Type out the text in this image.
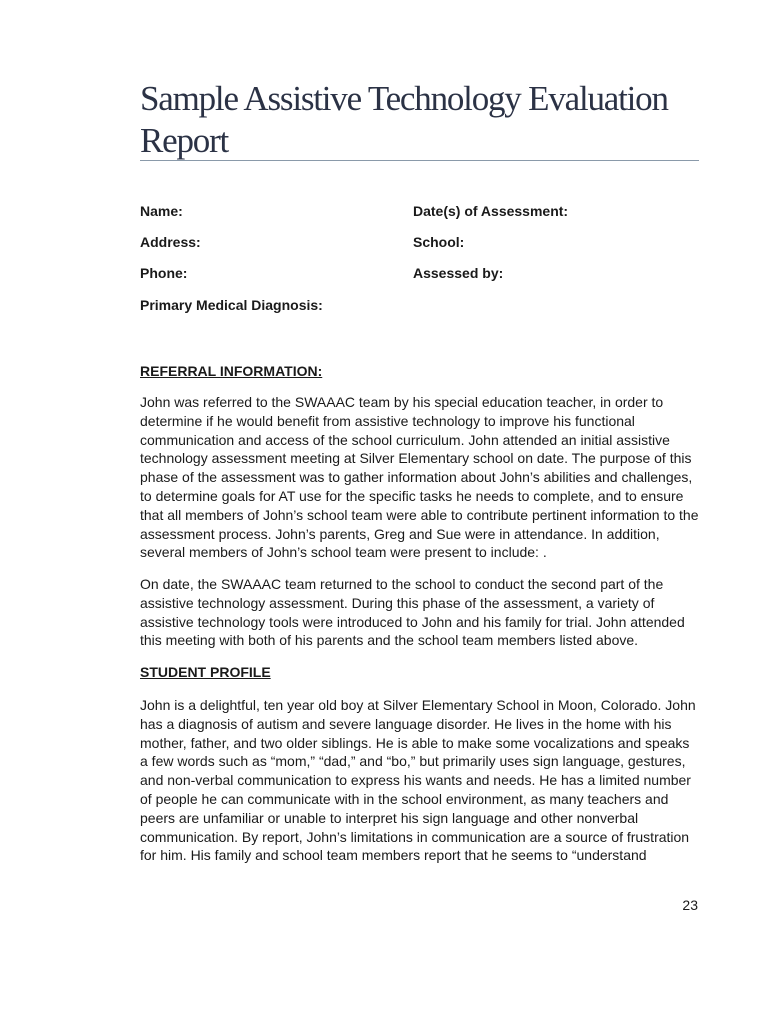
Sample Assistive Technology Evaluation Report
Name:	Date(s) of Assessment:
Address:	School:
Phone:	Assessed by:
Primary Medical Diagnosis:
REFERRAL INFORMATION:
John was referred to the SWAAAC team by his special education teacher, in order to
determine if he would benefit from assistive technology to improve his functional
communication and access of the school curriculum. John attended an initial assistive
technology assessment meeting at Silver Elementary school on date. The purpose of this
phase of the assessment was to gather information about John’s abilities and challenges,
to determine goals for AT use for the specific tasks he needs to complete, and to ensure
that all members of John’s school team were able to contribute pertinent information to the
assessment process. John’s parents, Greg and Sue were in attendance. In addition,
several members of John’s school team were present to include: .
On date, the SWAAAC team returned to the school to conduct the second part of the
assistive technology assessment. During this phase of the assessment, a variety of
assistive technology tools were introduced to John and his family for trial. John attended
this meeting with both of his parents and the school team members listed above.
STUDENT PROFILE
John is a delightful, ten year old boy at Silver Elementary School in Moon, Colorado. John
has a diagnosis of autism and severe language disorder. He lives in the home with his
mother, father, and two older siblings. He is able to make some vocalizations and speaks
a few words such as “mom,” “dad,” and “bo,” but primarily uses sign language, gestures,
and non-verbal communication to express his wants and needs. He has a limited number
of people he can communicate with in the school environment, as many teachers and
peers are unfamiliar or unable to interpret his sign language and other nonverbal
communication. By report, John’s limitations in communication are a source of frustration
for him. His family and school team members report that he seems to “understand
23
